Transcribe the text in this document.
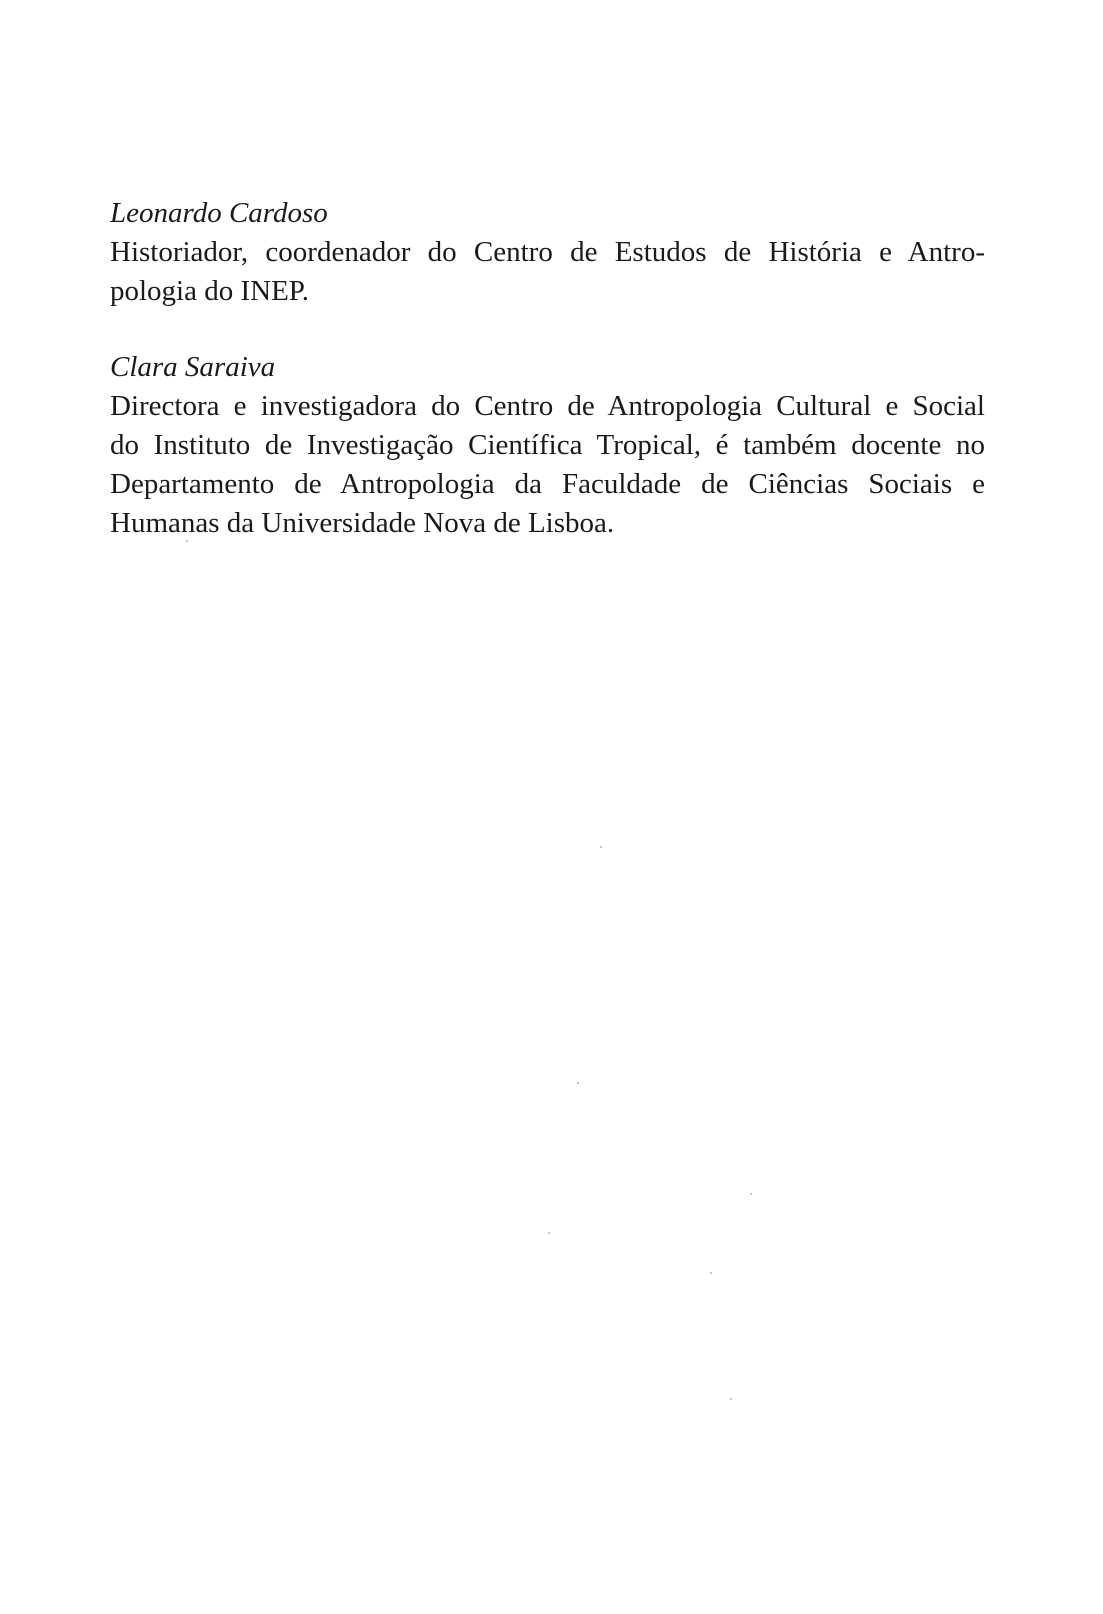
Leonardo Cardoso

Historiador, coordenador do Centro de Estudos de História e Antro-
pologia do INEP.

Clara Saraiva

Directora e investigadora do Centro de Antropologia Cultural e Social
do Instituto de Investigação Científica Tropical, é também docente no
Departamento de Antropologia da Faculdade de Ciências Sociais e
Humanas da Universidade Nova de Lisboa.
